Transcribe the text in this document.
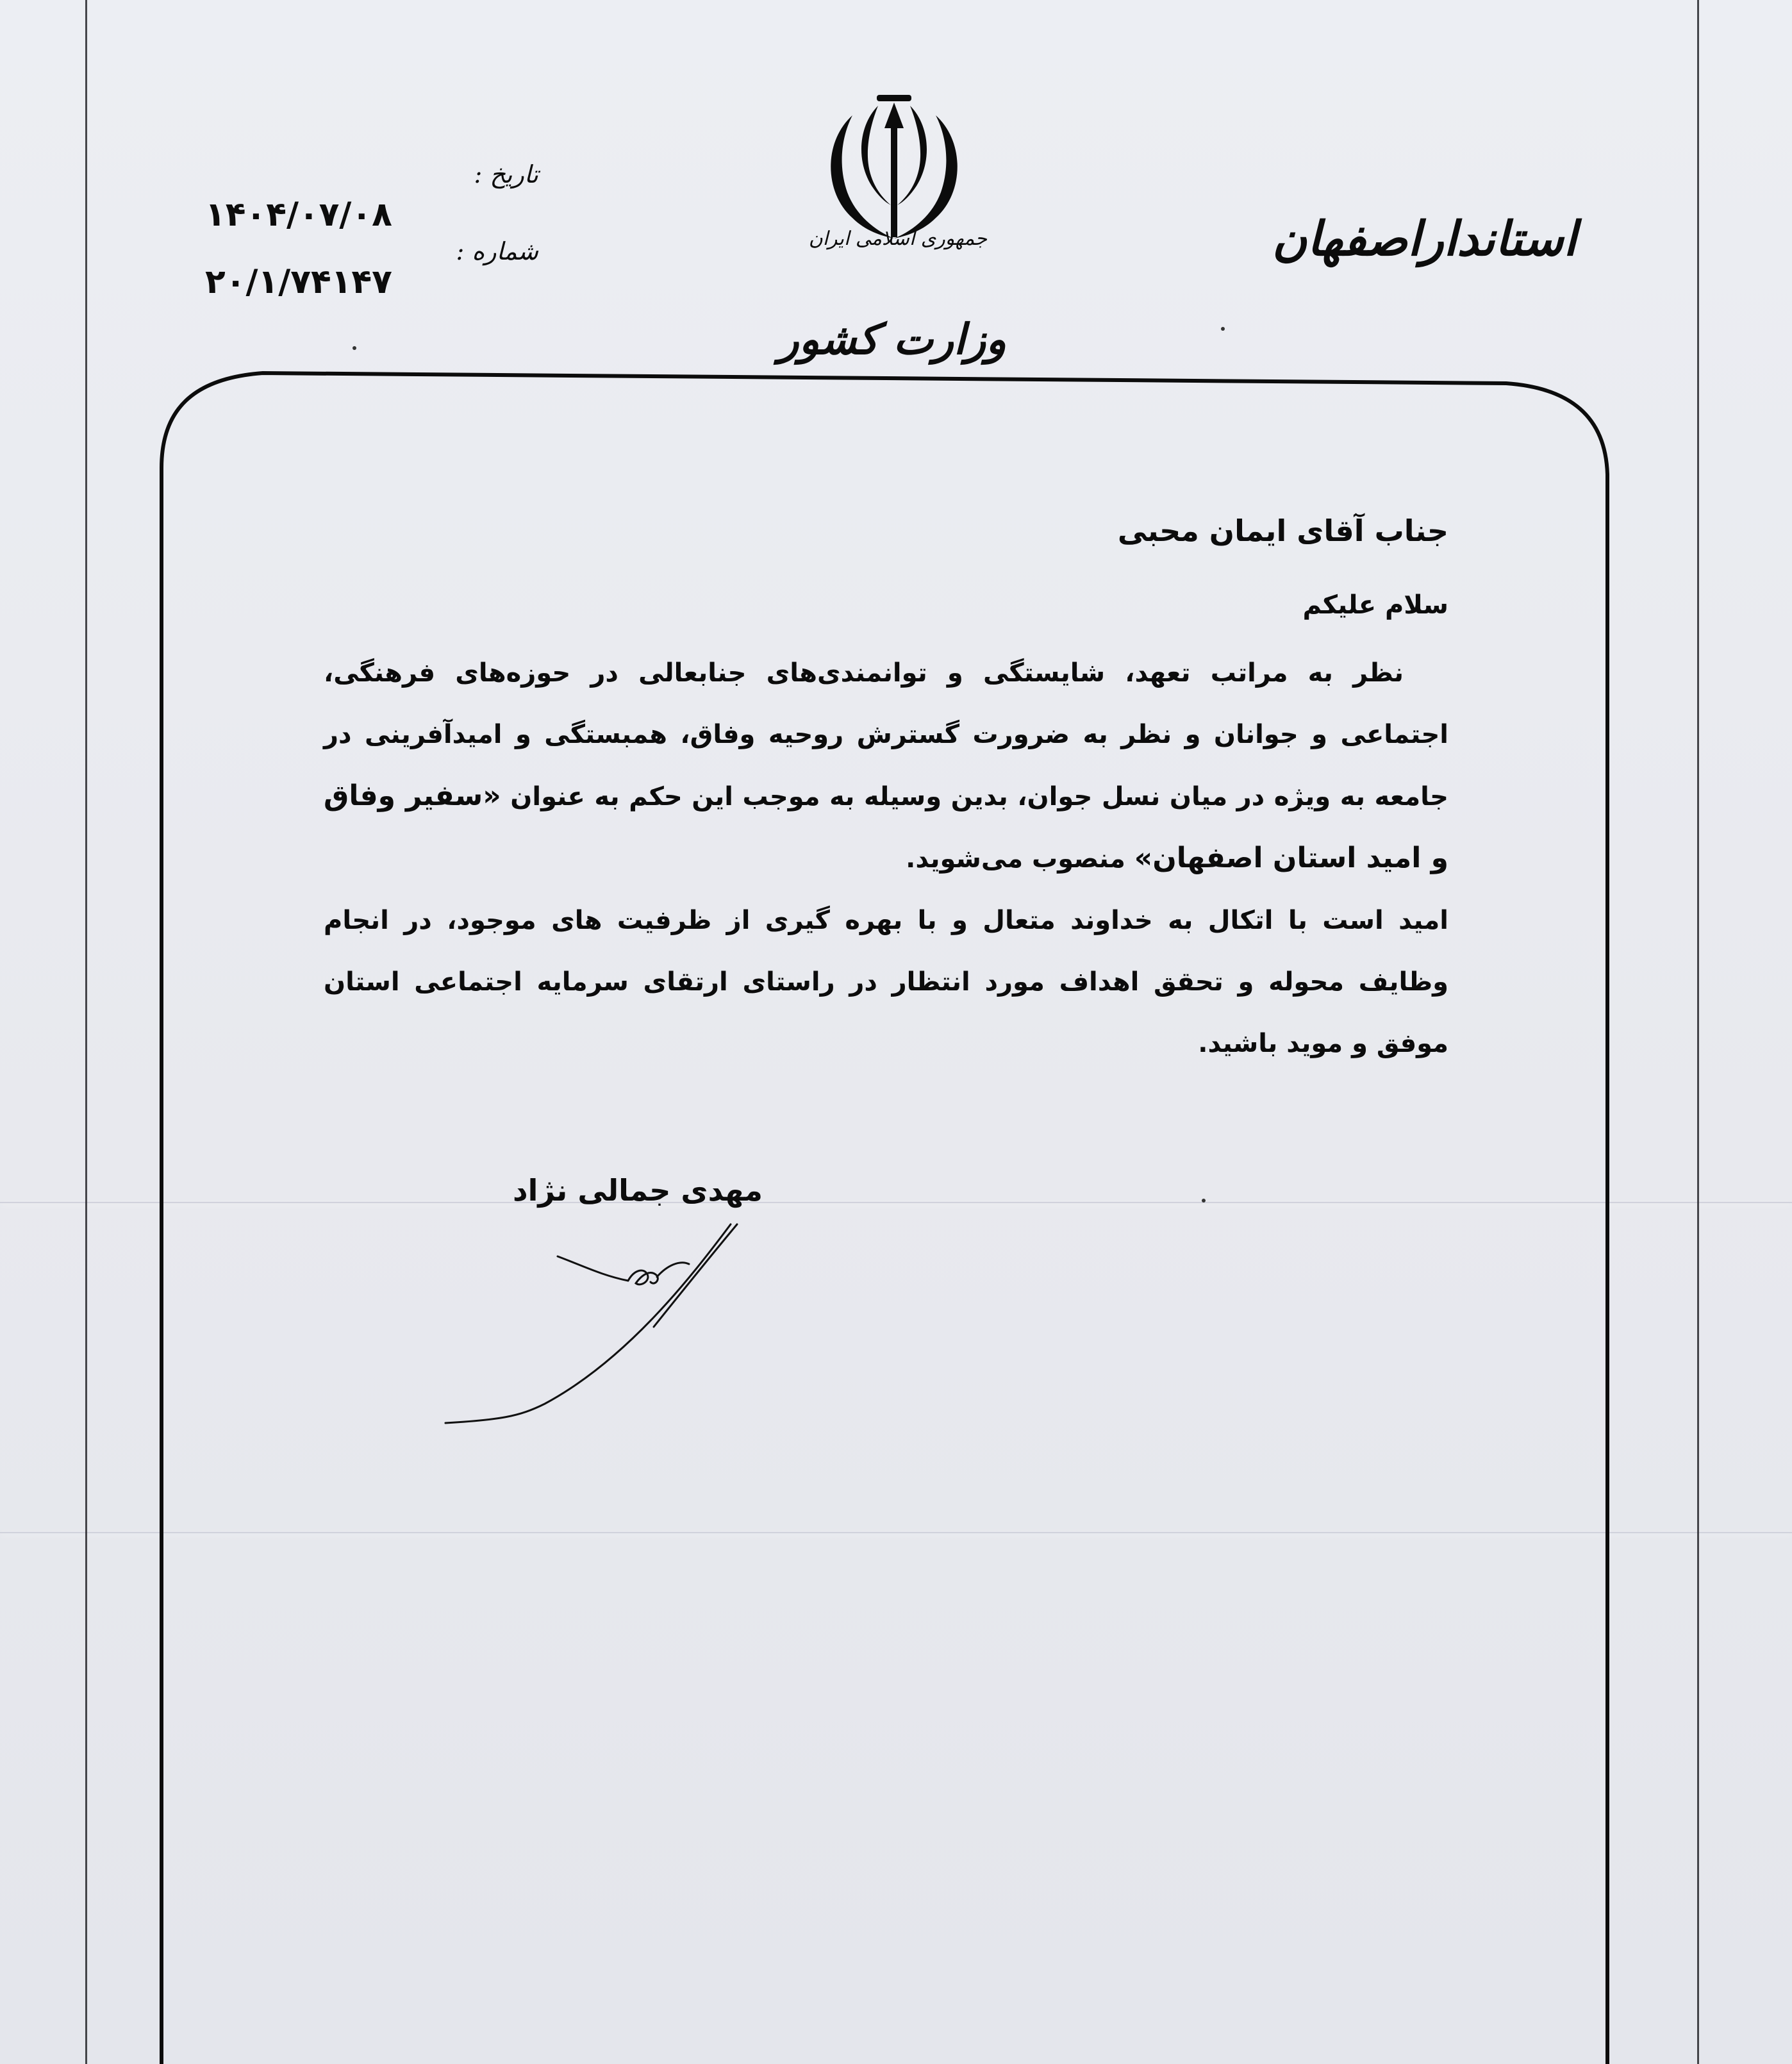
استانداراصفهان
جمهوری اسلامی ایران
وزارت کشور
تاریخ :
شماره :
۱۴۰۴/۰۷/۰۸
۲۰/۱/۷۴۱۴۷

جناب آقای ایمان محبی

سلام علیکم

نظر به مراتب تعهد، شایستگی و توانمندی‌های جنابعالی در حوزه‌های فرهنگی، اجتماعی و جوانان و نظر به ضرورت گسترش روحیه وفاق، همبستگی و امیدآفرینی در جامعه به ویژه در میان نسل جوان، بدین وسیله به موجب این حکم به عنوان «سفیر وفاق و امید استان اصفهان» منصوب می‌شوید.

امید است با اتکال به خداوند متعال و با بهره گیری از ظرفیت های موجود، در انجام وظایف محوله و تحقق اهداف مورد انتظار در راستای ارتقای سرمایه اجتماعی استان موفق و موید باشید.

مهدی جمالی نژاد
